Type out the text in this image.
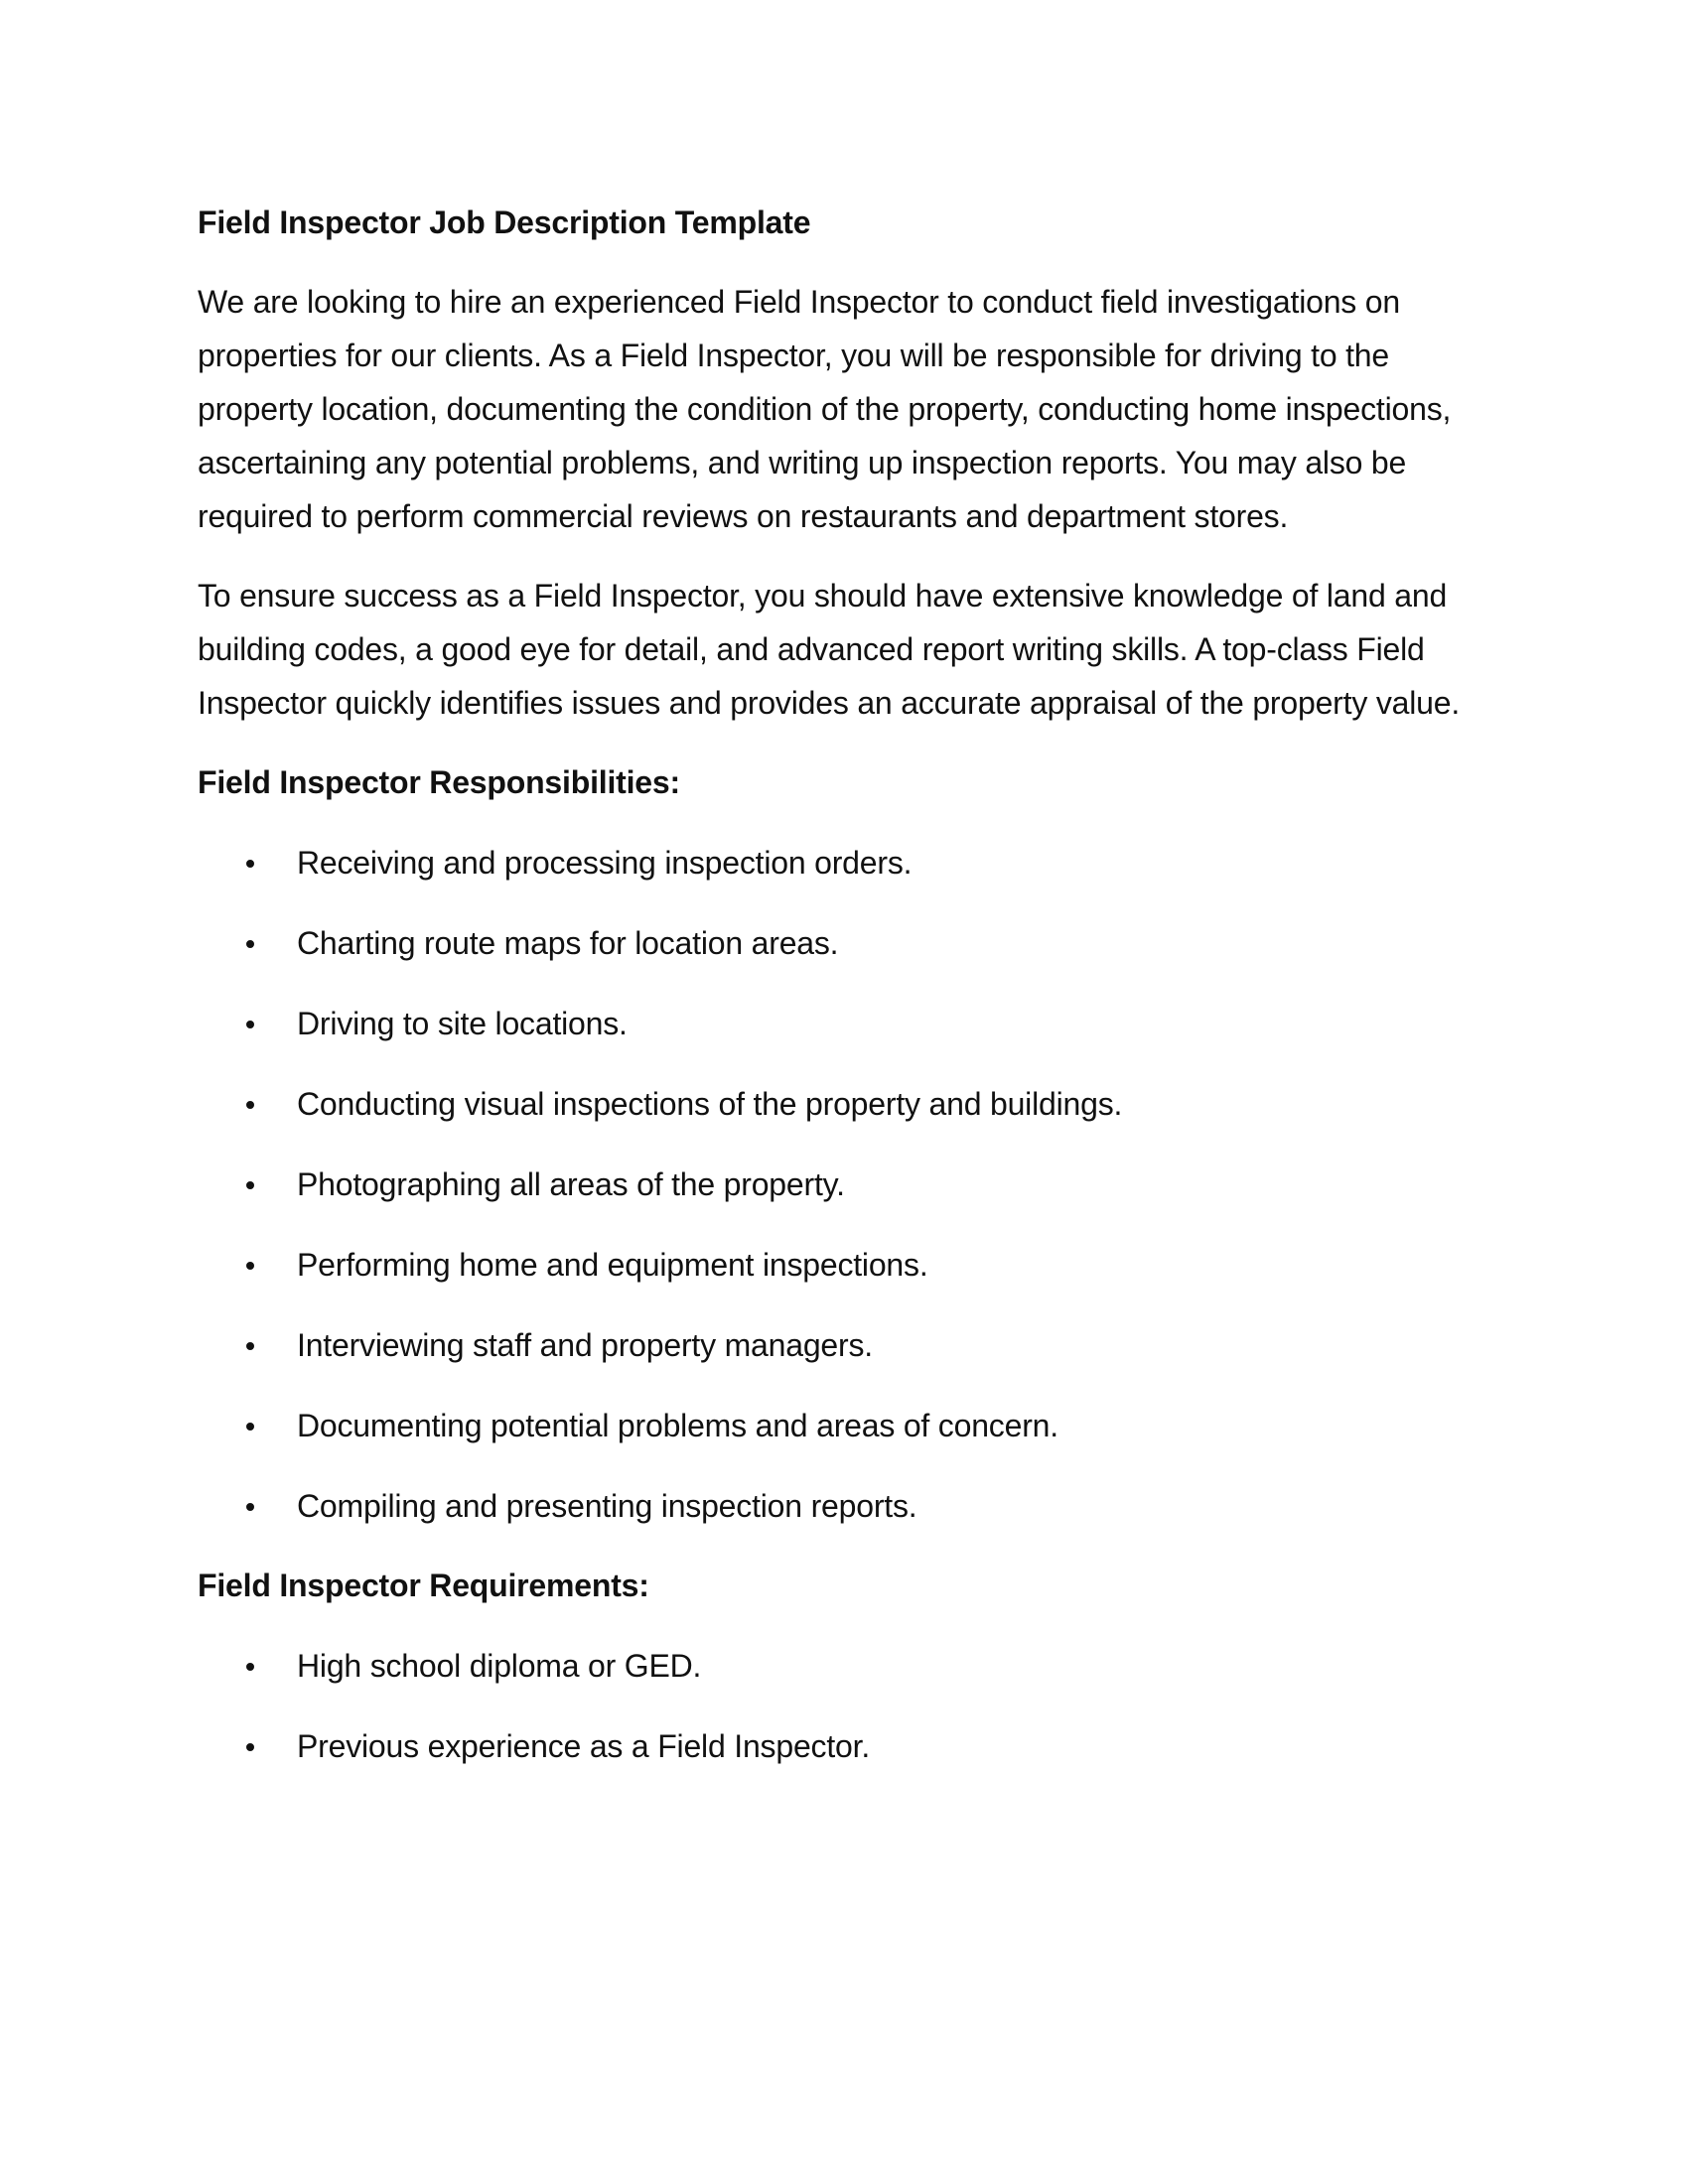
Field Inspector Job Description Template

We are looking to hire an experienced Field Inspector to conduct field investigations on properties for our clients. As a Field Inspector, you will be responsible for driving to the property location, documenting the condition of the property, conducting home inspections, ascertaining any potential problems, and writing up inspection reports. You may also be required to perform commercial reviews on restaurants and department stores.

To ensure success as a Field Inspector, you should have extensive knowledge of land and building codes, a good eye for detail, and advanced report writing skills. A top-class Field Inspector quickly identifies issues and provides an accurate appraisal of the property value.

Field Inspector Responsibilities:
Receiving and processing inspection orders.
Charting route maps for location areas.
Driving to site locations.
Conducting visual inspections of the property and buildings.
Photographing all areas of the property.
Performing home and equipment inspections.
Interviewing staff and property managers.
Documenting potential problems and areas of concern.
Compiling and presenting inspection reports.
Field Inspector Requirements:
High school diploma or GED.
Previous experience as a Field Inspector.
